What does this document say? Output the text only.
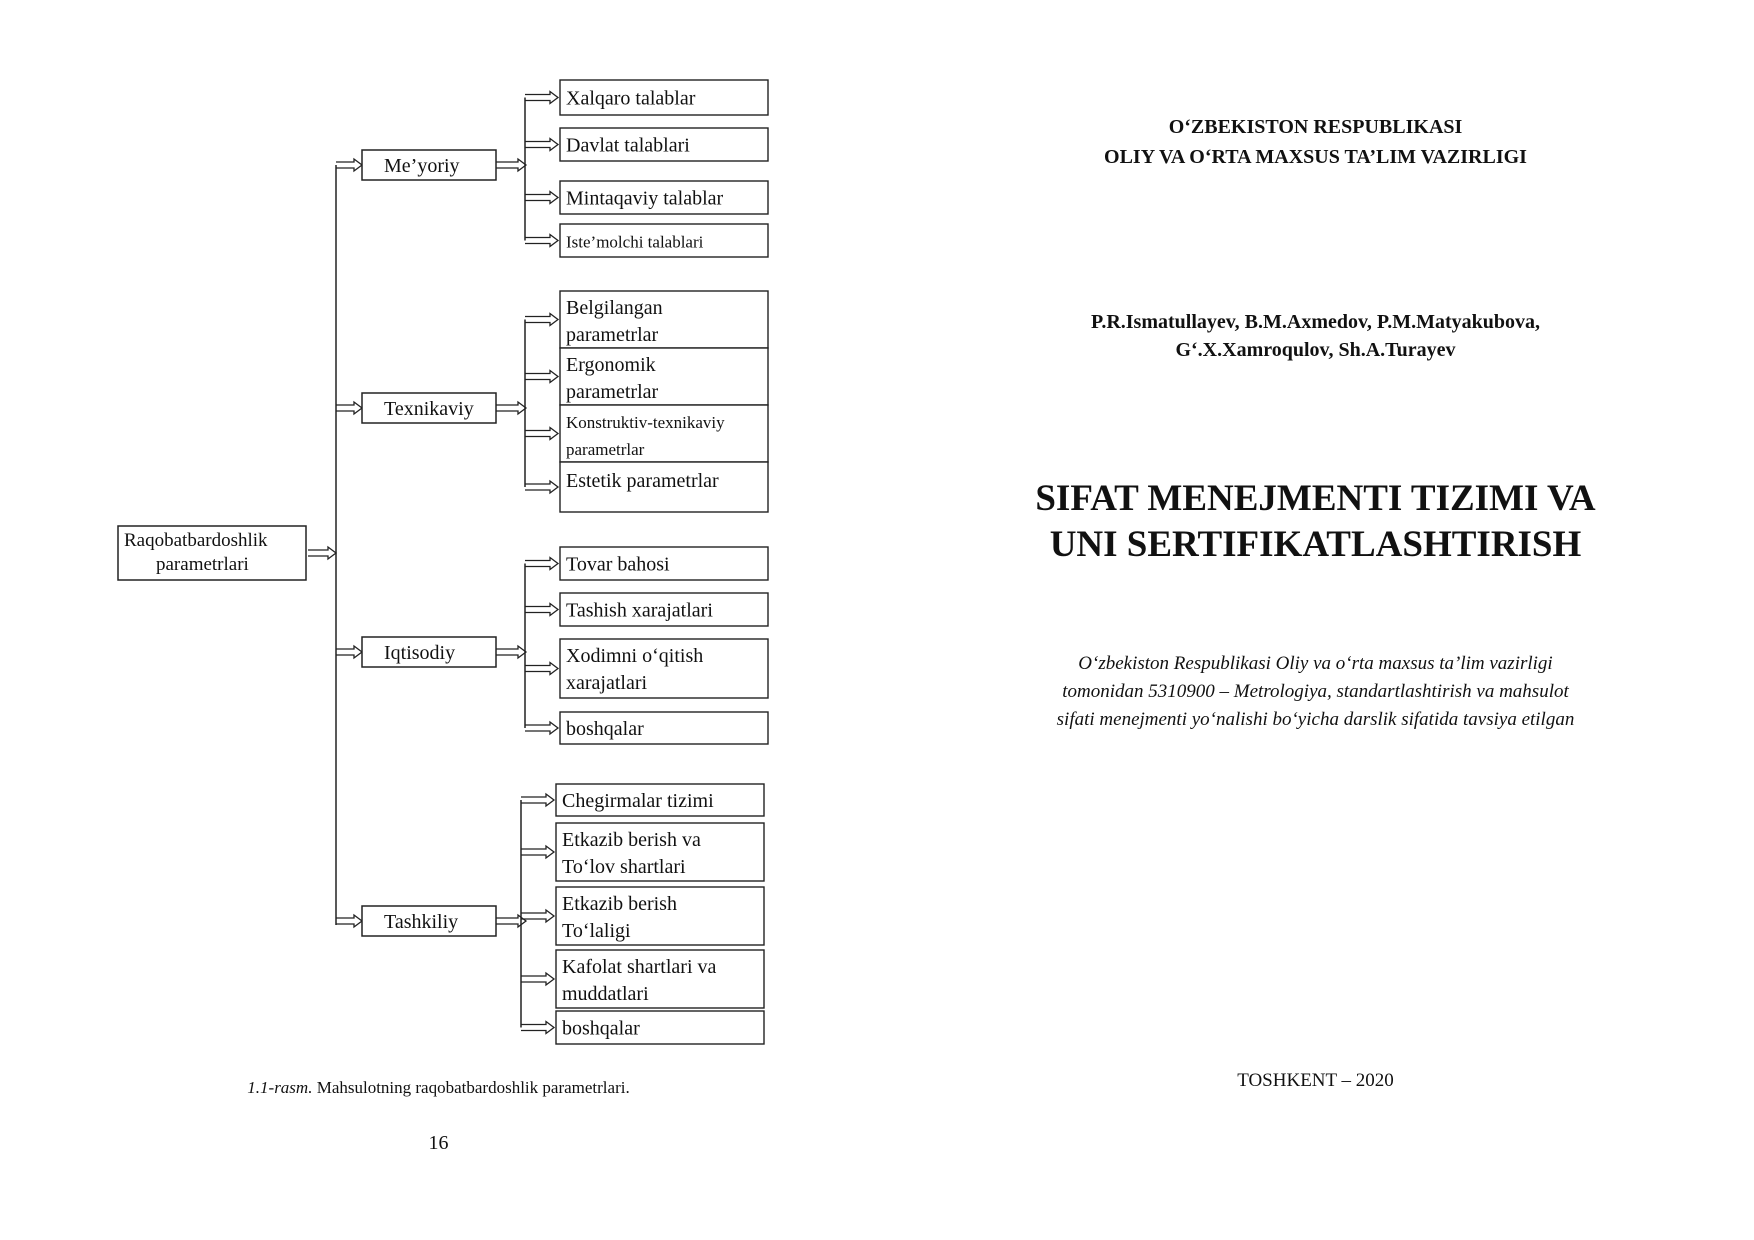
Raqobatbardoshlik
parametrlari
Me’yoriy
Xalqaro talablar
Davlat talablari
Mintaqaviy talablar
Iste’molchi talablari
Texnikaviy
Belgilangan
parametrlar
Ergonomik
parametrlar
Konstruktiv-texnikaviy
parametrlar
Estetik parametrlar
Iqtisodiy
Tovar bahosi
Tashish xarajatlari
Xodimni o‘qitish
xarajatlari
boshqalar
Tashkiliy
Chegirmalar tizimi
Etkazib berish va
To‘lov shartlari
Etkazib berish
To‘laligi
Kafolat shartlari va
muddatlari
boshqalar
1.1-rasm. Mahsulotning raqobatbardoshlik parametrlari.
16
O‘ZBEKISTON RESPUBLIKASI
OLIY VA O‘RTA MAXSUS TA’LIM VAZIRLIGI
P.R.Ismatullayev, B.M.Axmedov, P.M.Matyakubova,
G‘.X.Xamroqulov, Sh.A.Turayev
SIFAT MENEJMENTI TIZIMI VA
UNI SERTIFIKATLASHTIRISH
O‘zbekiston Respublikasi Oliy va o‘rta maxsus ta’lim vazirligi
tomonidan 5310900 – Metrologiya, standartlashtirish va mahsulot
sifati menejmenti yo‘nalishi bo‘yicha darslik sifatida tavsiya etilgan
TOSHKENT – 2020
